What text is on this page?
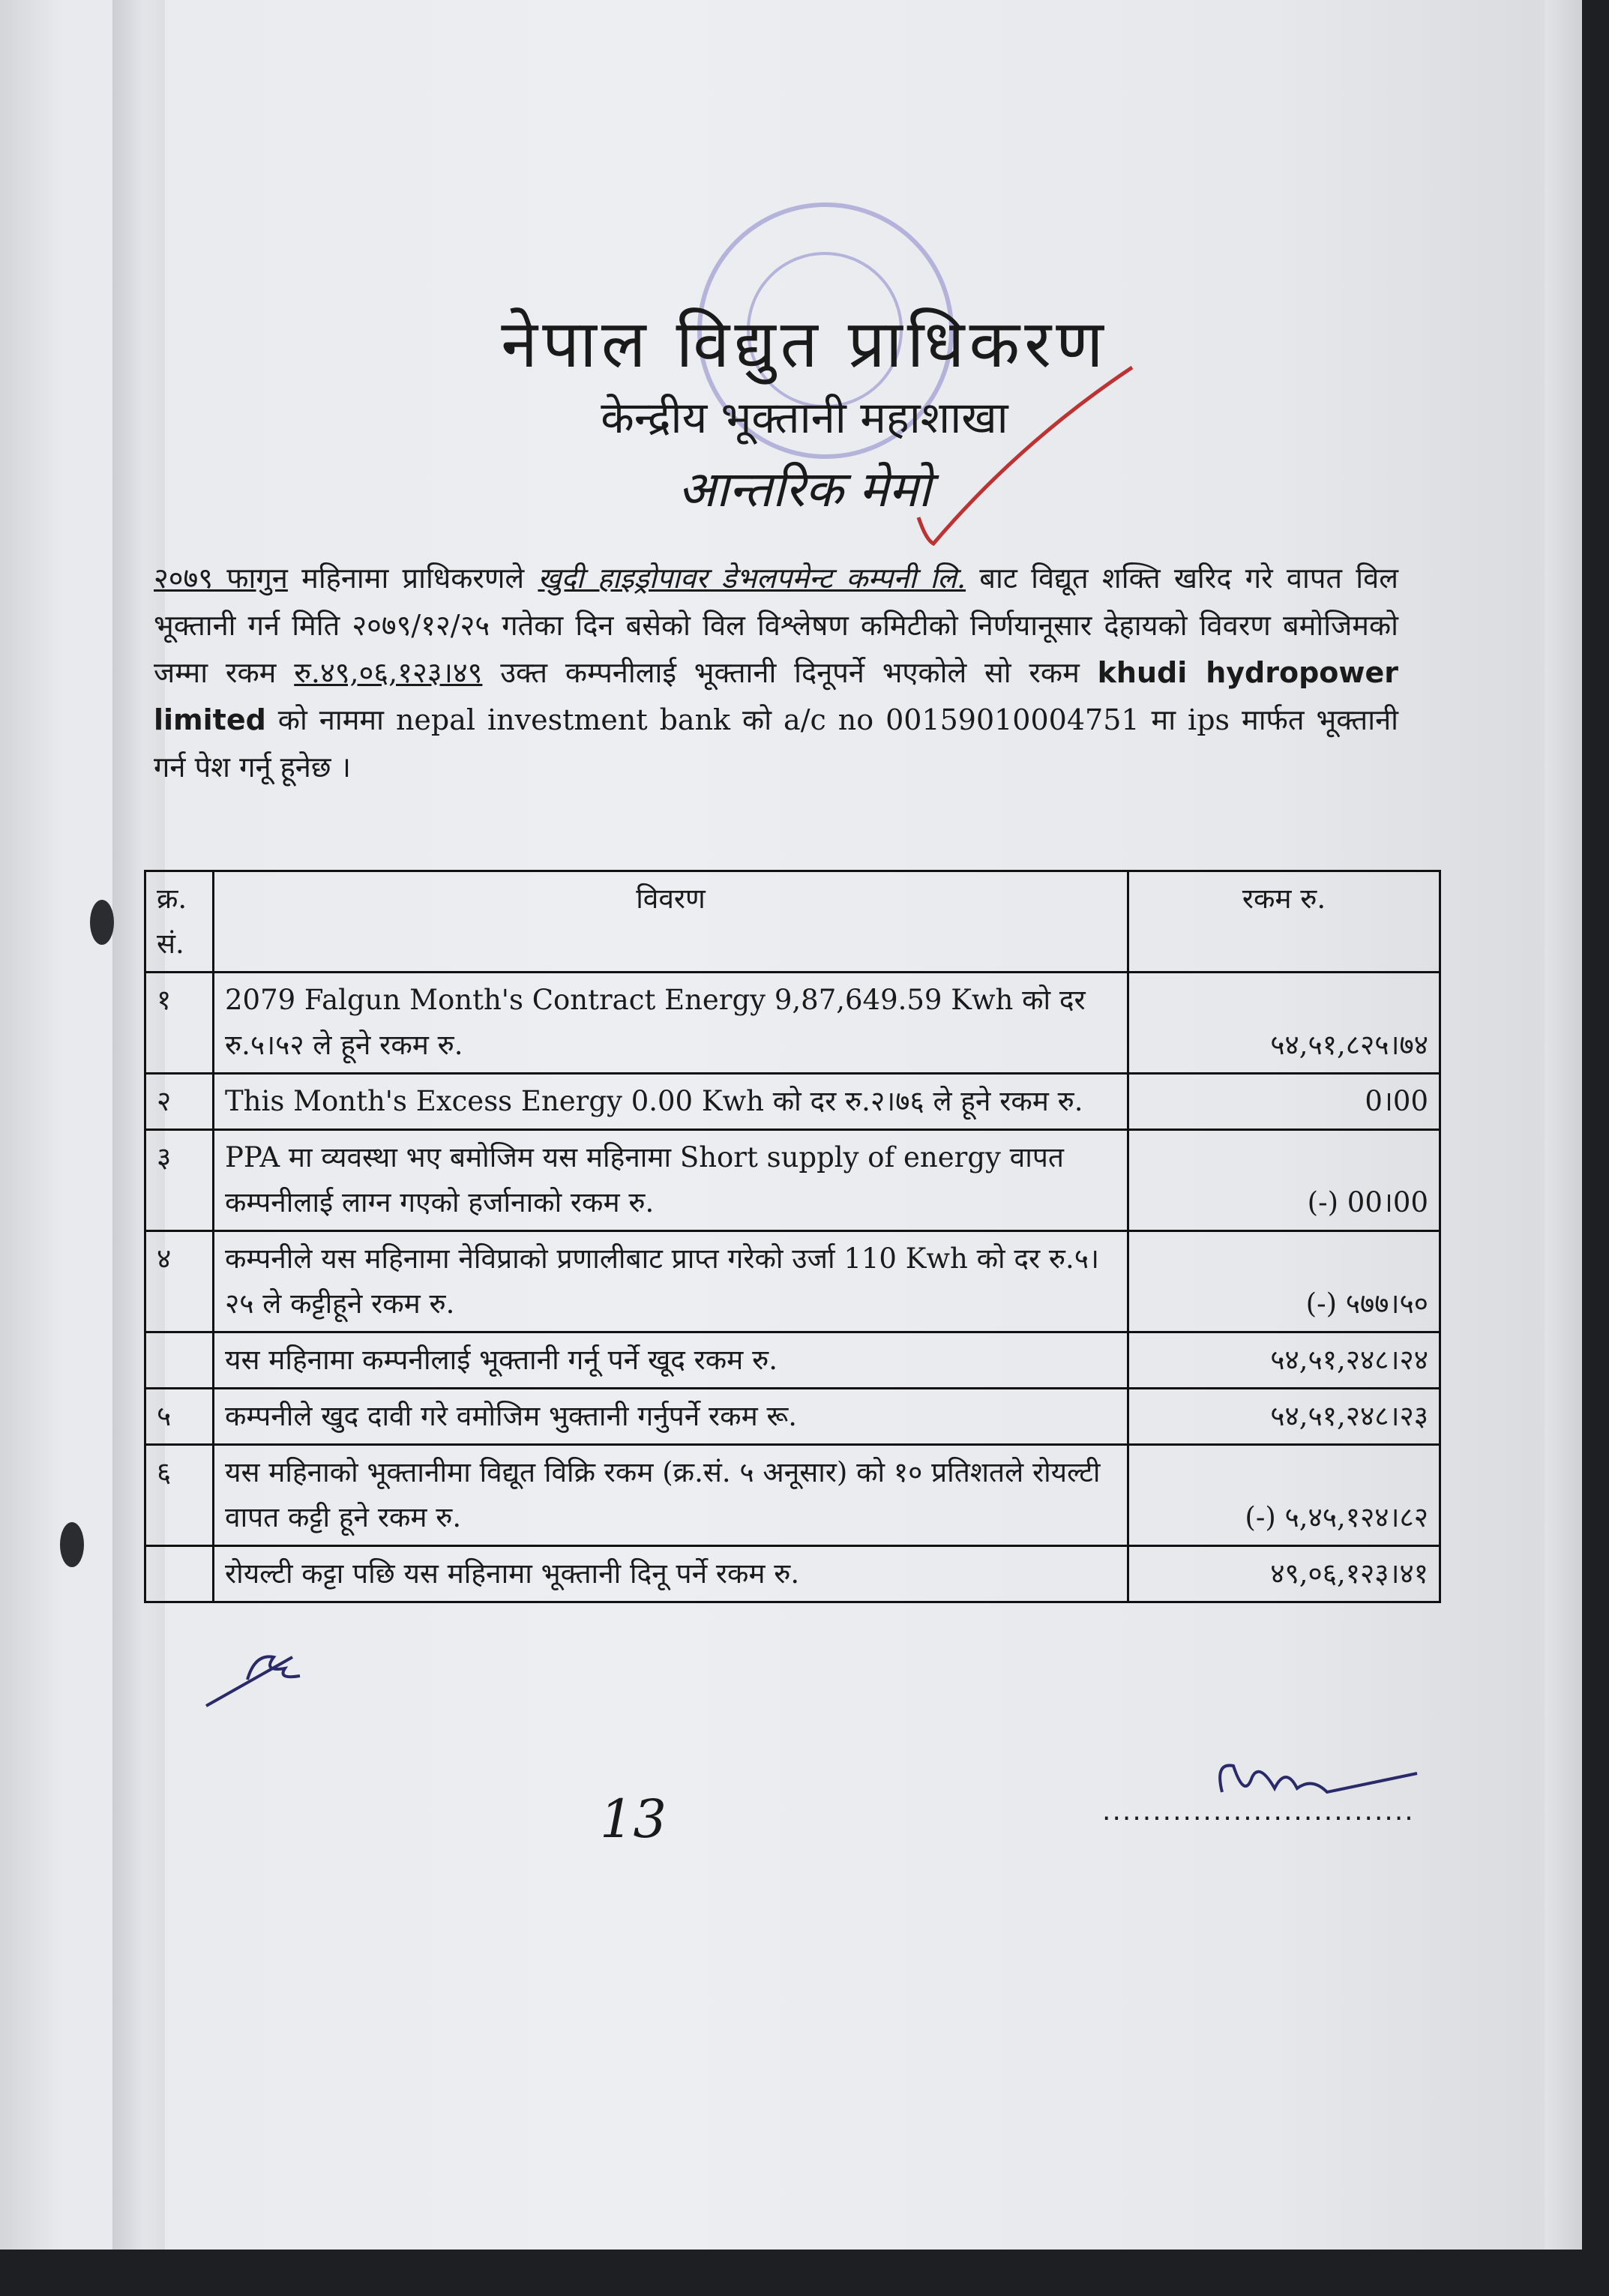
नेपाल विद्युत प्राधिकरण
केन्द्रीय भूक्तानी महाशाखा
आन्तरिक मेमो
२०७९ फागुन महिनामा प्राधिकरणले खुदी हाइड्रोपावर डेभलपमेन्ट कम्पनी लि. बाट विद्यूत शक्ति खरिद गरे वापत विल भूक्तानी गर्न मिति २०७९/१२/२५ गतेका दिन बसेको विल विश्लेषण कमिटीको निर्णयानूसार देहायको विवरण बमोजिमको जम्मा रकम रु.४९,०६,१२३।४९ उक्त कम्पनीलाई भूक्तानी दिनूपर्ने भएकोले सो रकम khudi hydropower limited को नाममा nepal investment bank को a/c no 00159010004751 मा ips मार्फत भूक्तानी गर्न पेश गर्नू हूनेछ ।
क्र. सं.	विवरण	रकम रु.
१	2079 Falgun Month's Contract Energy 9,87,649.59 Kwh को दर रु.५।५२ ले हूने रकम रु.	५४,५१,८२५।७४
२	This Month's Excess Energy 0.00 Kwh को दर रु.२।७६ ले हूने रकम रु.	0।00
३	PPA मा व्यवस्था भए बमोजिम यस महिनामा Short supply of energy वापत कम्पनीलाई लाग्न गएको हर्जानाको रकम रु.	(-) 00।00
४	कम्पनीले यस महिनामा नेविप्राको प्रणालीबाट प्राप्त गरेको उर्जा 110 Kwh को दर रु.५।२५ ले कट्टीहूने रकम रु.	(-) ५७७।५०
	यस महिनामा कम्पनीलाई भूक्तानी गर्नू पर्ने खूद रकम रु.	५४,५१,२४८।२४
५	कम्पनीले खुद दावी गरे वमोजिम भुक्तानी गर्नुपर्ने रकम रू.	५४,५१,२४८।२३
६	यस महिनाको भूक्तानीमा विद्यूत विक्रि रकम (क्र.सं. ५ अनूसार) को १० प्रतिशतले रोयल्टी वापत कट्टी हूने रकम रु.	(-) ५,४५,१२४।८२
	रोयल्टी कट्टा पछि यस महिनामा भूक्तानी दिनू पर्ने रकम रु.	४९,०६,१२३।४१
13	...............................
